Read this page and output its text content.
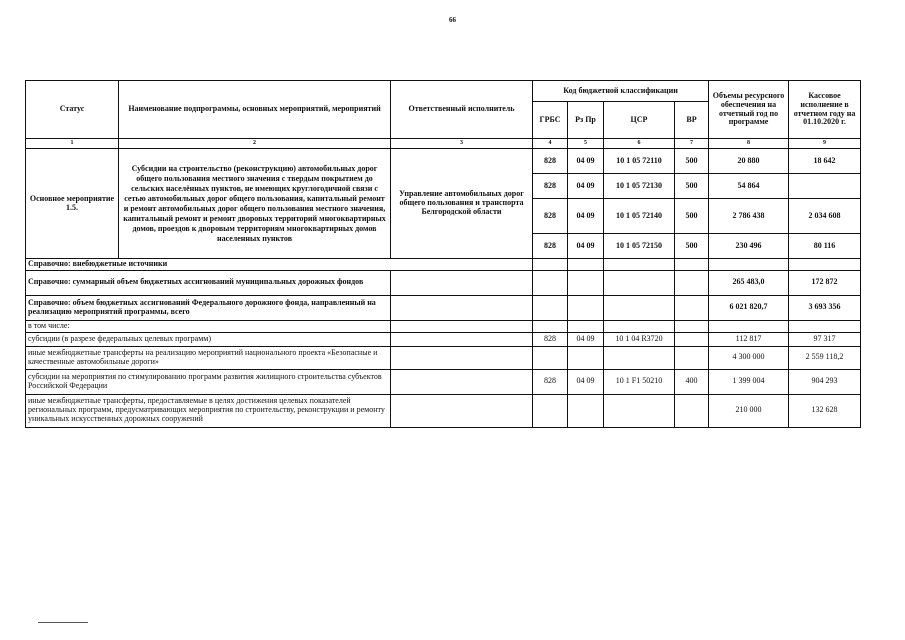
66
Статус	Наименование подпрограммы, основных мероприятий, мероприятий	Ответственный исполнитель	Код бюджетной классификации				Объемы ресурсного обеспечения на отчетный год по программе	Кассовое исполнение в отчетном году на 01.10.2020 г.
			ГРБС	Рз Пр	ЦСР	ВР		
1	2	3	4	5	6	7	8	9
Основное мероприятие 1.5.	Субсидии на строительство (реконструкцию) автомобильных дорог общего пользования местного значения с твердым покрытием до сельских населённых пунктов, не имеющих круглогодичной связи с сетью автомобильных дорог общего пользования, капитальный ремонт и ремонт автомобильных дорог общего пользования местного значения, капитальный ремонт и ремонт дворовых территорий многоквартирных домов, проездов к дворовым территориям многоквартирных домов населенных пунктов	Управление автомобильных дорог общего пользования и транспорта Белгородской области	828	04 09	10 1 05 72110	500	20 880	18 642
			828	04 09	10 1 05 72130	500	54 864	
			828	04 09	10 1 05 72140	500	2 786 438	2 034 608
			828	04 09	10 1 05 72150	500	230 496	80 116
Справочно: внебюджетные источники								
Справочно: суммарный объем бюджетных ассигнований муниципальных дорожных фондов							265 483,0	172 872
Справочно: объем бюджетных ассигнований Федерального дорожного фонда, направленный на реализацию мероприятий программы, всего							6 021 820,7	3 693 356
в том числе:								
субсидии (в разрезе федеральных целевых программ)			828	04 09	10 1 04 R3720		112 817	97 317
иные межбюджетные трансферты на реализацию мероприятий национального проекта «Безопасные и качественные автомобильные дороги»							4 300 000	2 559 118,2
субсидии на мероприятия по стимулированию программ развития жилищного строительства субъектов Российской Федерации			828	04 09	10 1 F1 50210	400	1 399 004	904 293
иные межбюджетные трансферты, предоставляемые в целях достижения целевых показателей региональных программ, предусматривающих мероприятия по строительству, реконструкции и ремонту уникальных искусственных дорожных сооружений							210 000	132 628
